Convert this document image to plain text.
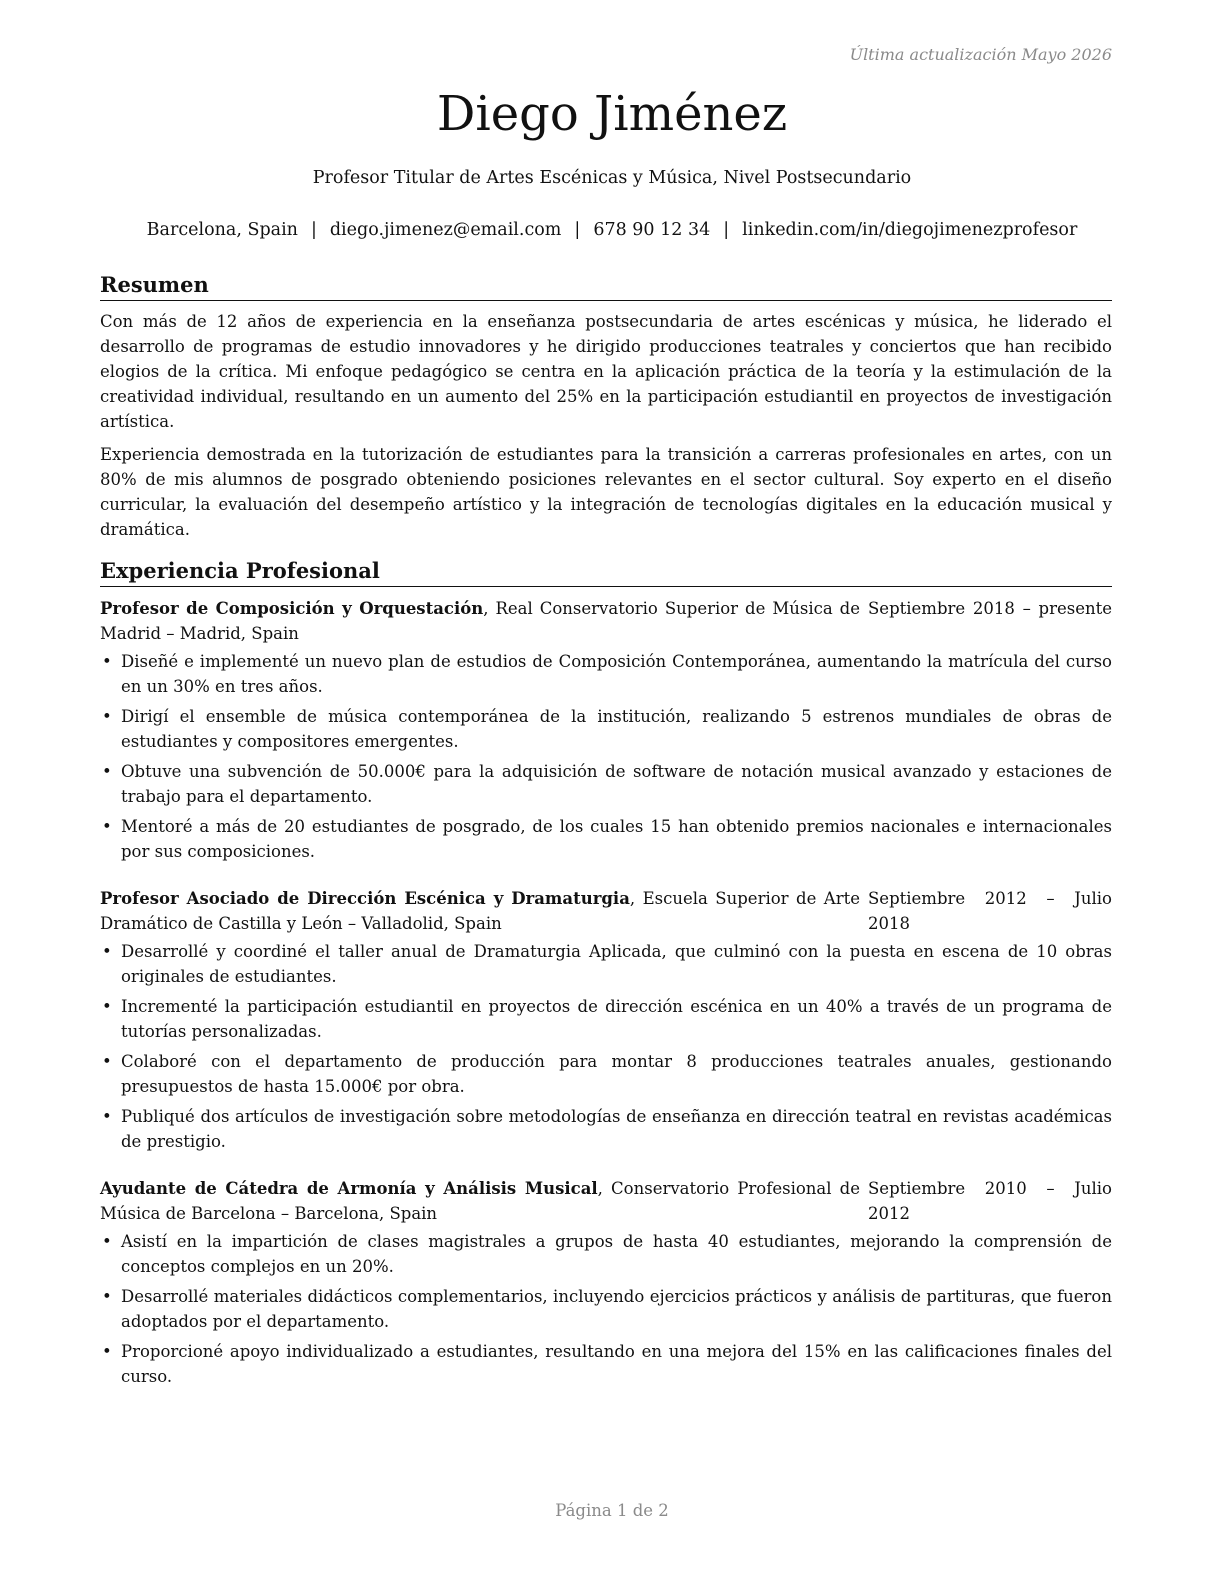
Última actualización Mayo 2026
Diego Jiménez
Profesor Titular de Artes Escénicas y Música, Nivel Postsecundario
Barcelona, Spain | diego.jimenez@email.com | 678 90 12 34 | linkedin.com/in/diegojimenezprofesor
Resumen

Con más de 12 años de experiencia en la enseñanza postsecundaria de artes escénicas y música, he liderado el desarrollo de programas de estudio innovadores y he dirigido producciones teatrales y conciertos que han recibido elogios de la crítica. Mi enfoque pedagógico se centra en la aplicación práctica de la teoría y la estimulación de la creatividad individual, resultando en un aumento del 25% en la participación estudiantil en proyectos de investigación artística.

Experiencia demostrada en la tutorización de estudiantes para la transición a carreras profesionales en artes, con un 80% de mis alumnos de posgrado obteniendo posiciones relevantes en el sector cultural. Soy experto en el diseño curricular, la evaluación del desempeño artístico y la integración de tecnologías digitales en la educación musical y dramática.

Experiencia Profesional
Profesor de Composición y Orquestación, Real Conservatorio Superior de Música de Madrid – Madrid, Spain
Septiembre 2018 – presente
• Diseñé e implementé un nuevo plan de estudios de Composición Contemporánea, aumentando la matrícula del curso en un 30% en tres años.
• Dirigí el ensemble de música contemporánea de la institución, realizando 5 estrenos mundiales de obras de estudiantes y compositores emergentes.
• Obtuve una subvención de 50.000€ para la adquisición de software de notación musical avanzado y estaciones de trabajo para el departamento.
• Mentoré a más de 20 estudiantes de posgrado, de los cuales 15 han obtenido premios nacionales e internacionales por sus composiciones.
Profesor Asociado de Dirección Escénica y Dramaturgia, Escuela Superior de Arte Dramático de Castilla y León – Valladolid, Spain
Septiembre 2012 – Julio 2018
• Desarrollé y coordiné el taller anual de Dramaturgia Aplicada, que culminó con la puesta en escena de 10 obras originales de estudiantes.
• Incrementé la participación estudiantil en proyectos de dirección escénica en un 40% a través de un programa de tutorías personalizadas.
• Colaboré con el departamento de producción para montar 8 producciones teatrales anuales, gestionando presupuestos de hasta 15.000€ por obra.
• Publiqué dos artículos de investigación sobre metodologías de enseñanza en dirección teatral en revistas académicas de prestigio.
Ayudante de Cátedra de Armonía y Análisis Musical, Conservatorio Profesional de Música de Barcelona – Barcelona, Spain
Septiembre 2010 – Julio 2012
• Asistí en la impartición de clases magistrales a grupos de hasta 40 estudiantes, mejorando la comprensión de conceptos complejos en un 20%.
• Desarrollé materiales didácticos complementarios, incluyendo ejercicios prácticos y análisis de partituras, que fueron adoptados por el departamento.
• Proporcioné apoyo individualizado a estudiantes, resultando en una mejora del 15% en las calificaciones finales del curso.
Página 1 de 2
